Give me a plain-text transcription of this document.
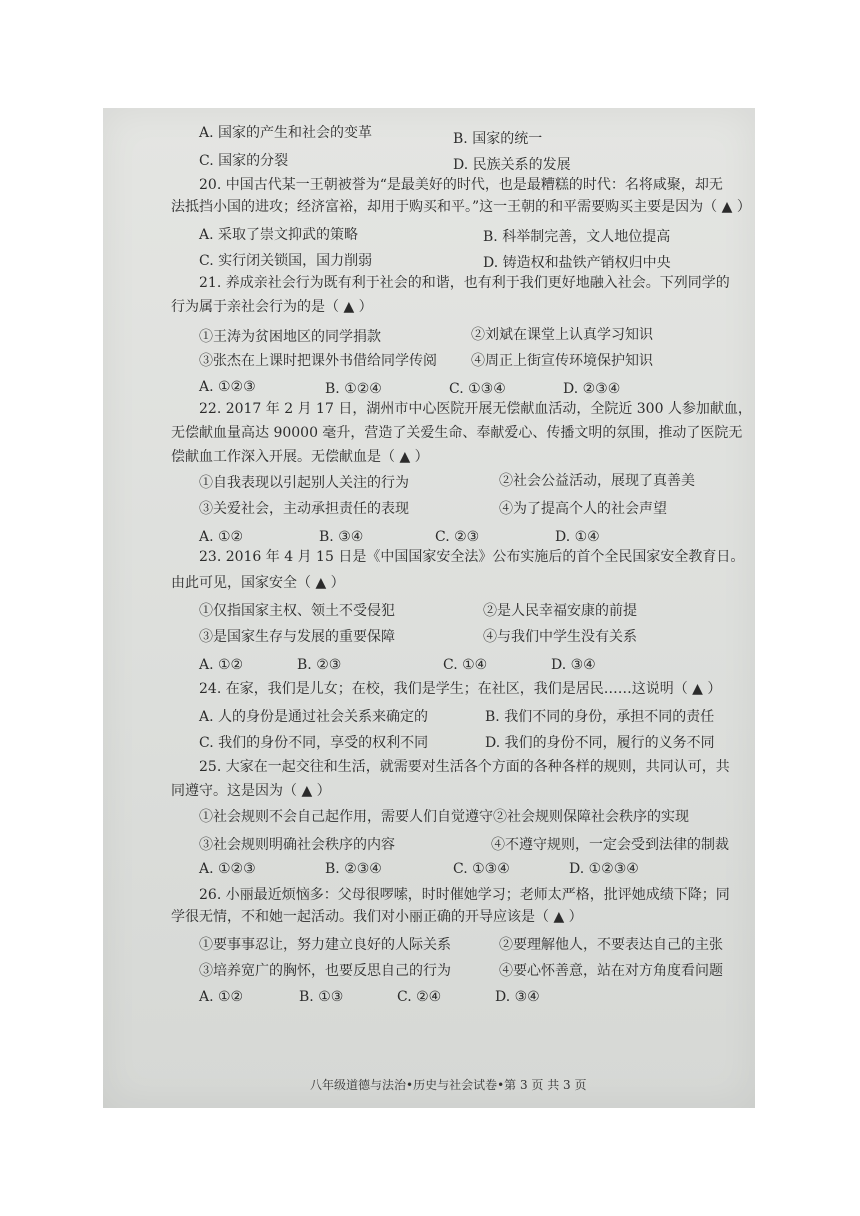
A. 国家的产生和社会的变革	B. 国家的统一
C. 国家的分裂	D. 民族关系的发展
20. 中国古代某一王朝被誉为“是最美好的时代，也是最糟糕的时代：名将咸聚，却无
法抵挡小国的进攻；经济富裕，却用于购买和平。”这一王朝的和平需要购买主要是因为（ ▲ ）
A. 采取了崇文抑武的策略	B. 科举制完善，文人地位提高
C. 实行闭关锁国，国力削弱	D. 铸造权和盐铁产销权归中央
21. 养成亲社会行为既有利于社会的和谐，也有利于我们更好地融入社会。下列同学的
行为属于亲社会行为的是（ ▲ ）
①王涛为贫困地区的同学捐款	②刘斌在课堂上认真学习知识
③张杰在上课时把课外书借给同学传阅 ④周正上街宣传环境保护知识
A. ①②③	B. ①②④	C. ①③④	D. ②③④
22. 2017 年 2 月 17 日，湖州市中心医院开展无偿献血活动，全院近 300 人参加献血，
无偿献血量高达 90000 毫升，营造了关爱生命、奉献爱心、传播文明的氛围，推动了医院无
偿献血工作深入开展。无偿献血是（ ▲ ）
①自我表现以引起别人关注的行为	②社会公益活动，展现了真善美
③关爱社会，主动承担责任的表现	④为了提高个人的社会声望
A. ①②	B. ③④	C. ②③	D. ①④
23. 2016 年 4 月 15 日是《中国国家安全法》公布实施后的首个全民国家安全教育日。
由此可见，国家安全（ ▲ ）
①仅指国家主权、领土不受侵犯	②是人民幸福安康的前提
③是国家生存与发展的重要保障	④与我们中学生没有关系
A. ①②	B. ②③	C. ①④	D. ③④
24. 在家，我们是儿女；在校，我们是学生；在社区，我们是居民……这说明（ ▲ ）
A. 人的身份是通过社会关系来确定的	B. 我们不同的身份，承担不同的责任
C. 我们的身份不同，享受的权利不同	D. 我们的身份不同，履行的义务不同
25. 大家在一起交往和生活，就需要对生活各个方面的各种各样的规则，共同认可，共
同遵守。这是因为（ ▲ ）
①社会规则不会自己起作用，需要人们自觉遵守②社会规则保障社会秩序的实现
③社会规则明确社会秩序的内容	④不遵守规则，一定会受到法律的制裁
A. ①②③	B. ②③④	C. ①③④	D. ①②③④
26. 小丽最近烦恼多：父母很啰嗦，时时催她学习；老师太严格，批评她成绩下降；同
学很无情，不和她一起活动。我们对小丽正确的开导应该是（ ▲ ）
①要事事忍让，努力建立良好的人际关系	②要理解他人，不要表达自己的主张
③培养宽广的胸怀，也要反思自己的行为	④要心怀善意，站在对方角度看问题
A. ①②	B. ①③	C. ②④	D. ③④
八年级道德与法治•历史与社会试卷•第 3 页 共 3 页
